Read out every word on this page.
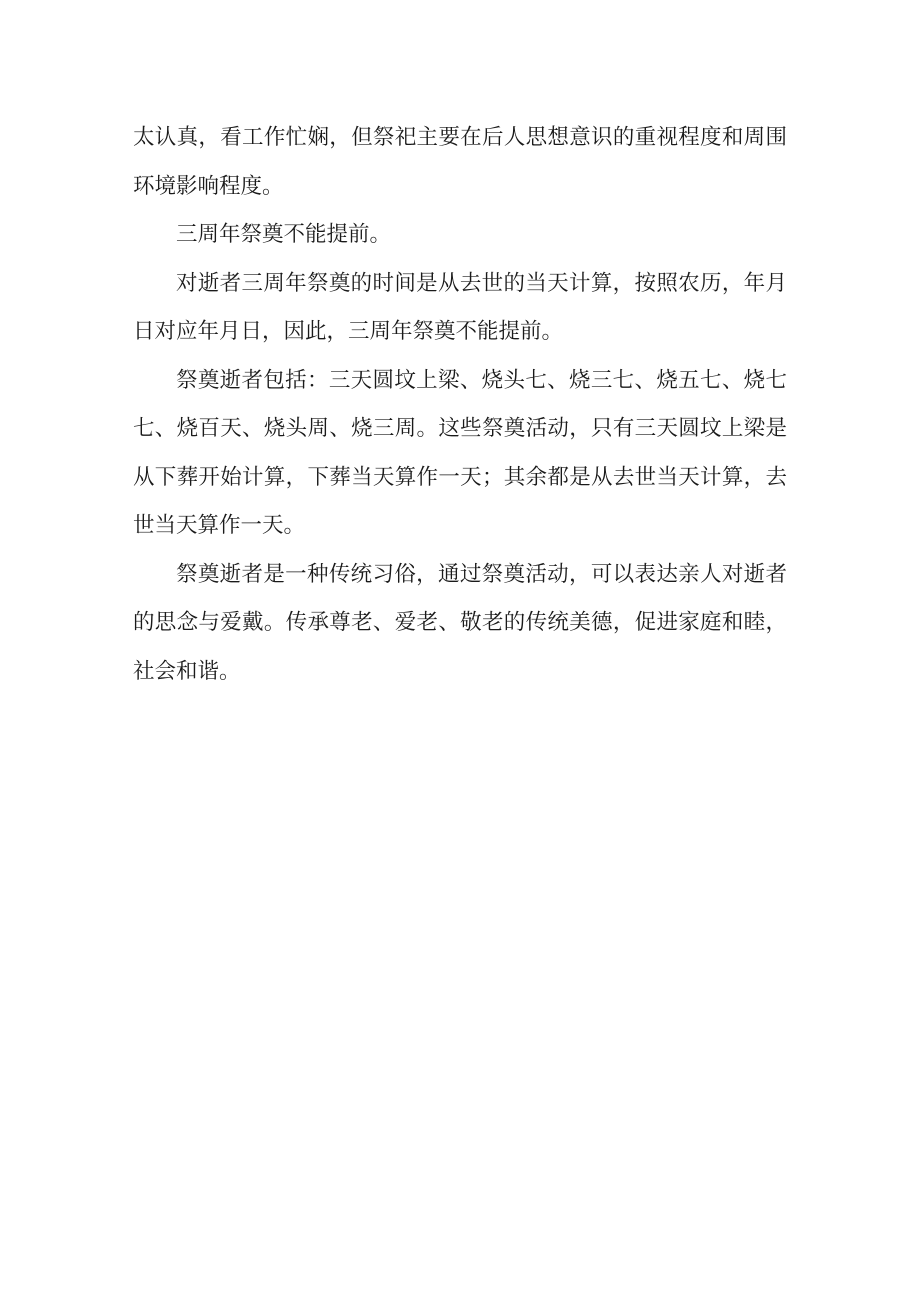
太认真，看工作忙娴，但祭祀主要在后人思想意识的重视程度和周围环境影响程度。

三周年祭奠不能提前。

对逝者三周年祭奠的时间是从去世的当天计算，按照农历，年月日对应年月日，因此，三周年祭奠不能提前。

祭奠逝者包括：三天圆坟上梁、烧头七、烧三七、烧五七、烧七七、烧百天、烧头周、烧三周。这些祭奠活动，只有三天圆坟上梁是从下葬开始计算，下葬当天算作一天；其余都是从去世当天计算，去世当天算作一天。

祭奠逝者是一种传统习俗，通过祭奠活动，可以表达亲人对逝者的思念与爱戴。传承尊老、爱老、敬老的传统美德，促进家庭和睦，社会和谐。
